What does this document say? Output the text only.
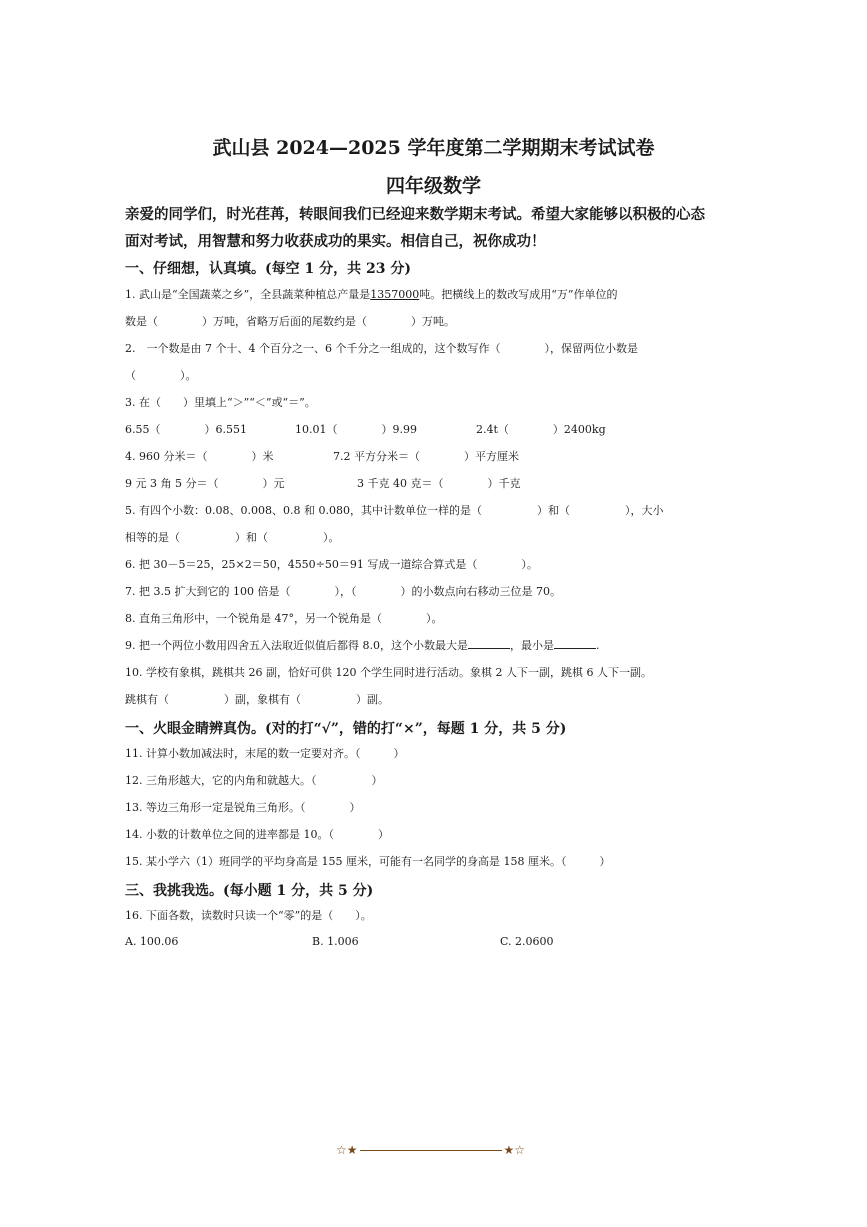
武山县 2024—2025 学年度第二学期期末考试试卷
四年级数学
亲爱的同学们，时光荏苒，转眼间我们已经迎来数学期末考试。希望大家能够以积极的心态面对考试，用智慧和努力收获成功的果实。相信自己，祝你成功！
一、仔细想，认真填。(每空 1 分，共 23 分)
1. 武山是“全国蔬菜之乡”，全县蔬菜种植总产量是1357000吨。把横线上的数改写成用“万”作单位的
数是（　　　　）万吨，省略万后面的尾数约是（　　　　）万吨。
2.　一个数是由 7 个十、4 个百分之一、6 个千分之一组成的，这个数写作（　　　　），保留两位小数是
（　　　　）。
3. 在（　　）里填上“＞”“＜”或“＝”。
6.55（　　　　）6.551	10.01（　　　　）9.99	2.4t（　　　　）2400kg
4. 960 分米＝（　　　　）米	7.2 平方分米＝（　　　　）平方厘米
9 元 3 角 5 分＝（　　　　）元	3 千克 40 克＝（　　　　）千克
5. 有四个小数：0.08、0.008、0.8 和 0.080，其中计数单位一样的是（　　　　　）和（　　　　　），大小
相等的是（　　　　　）和（　　　　　）。
6. 把 30－5＝25，25×2＝50，4550÷50＝91 写成一道综合算式是（　　　　）。
7. 把 3.5 扩大到它的 100 倍是（　　　　），（　　　　）的小数点向右移动三位是 70。
8. 直角三角形中，一个锐角是 47°，另一个锐角是（　　　　）。
9. 把一个两位小数用四舍五入法取近似值后都得 8.0，这个小数最大是	，最小是	.
10. 学校有象棋，跳棋共 26 副，恰好可供 120 个学生同时进行活动。象棋 2 人下一副，跳棋 6 人下一副。
跳棋有（　　　　　）副，象棋有（　　　　　）副。
一、火眼金睛辨真伪。(对的打“√”，错的打“×”，每题 1 分，共 5 分)
11. 计算小数加减法时，末尾的数一定要对齐。（　　　）
12. 三角形越大，它的内角和就越大。（　　　　　）
13. 等边三角形一定是锐角三角形。（　　　　）
14. 小数的计数单位之间的进率都是 10。（　　　　）
15. 某小学六（1）班同学的平均身高是 155 厘米，可能有一名同学的身高是 158 厘米。（　　　）
三、我挑我选。(每小题 1 分，共 5 分)
16. 下面各数，读数时只读一个“零”的是（　　）。
A. 100.06	B. 1.006	C. 2.0600
☆★	★☆
